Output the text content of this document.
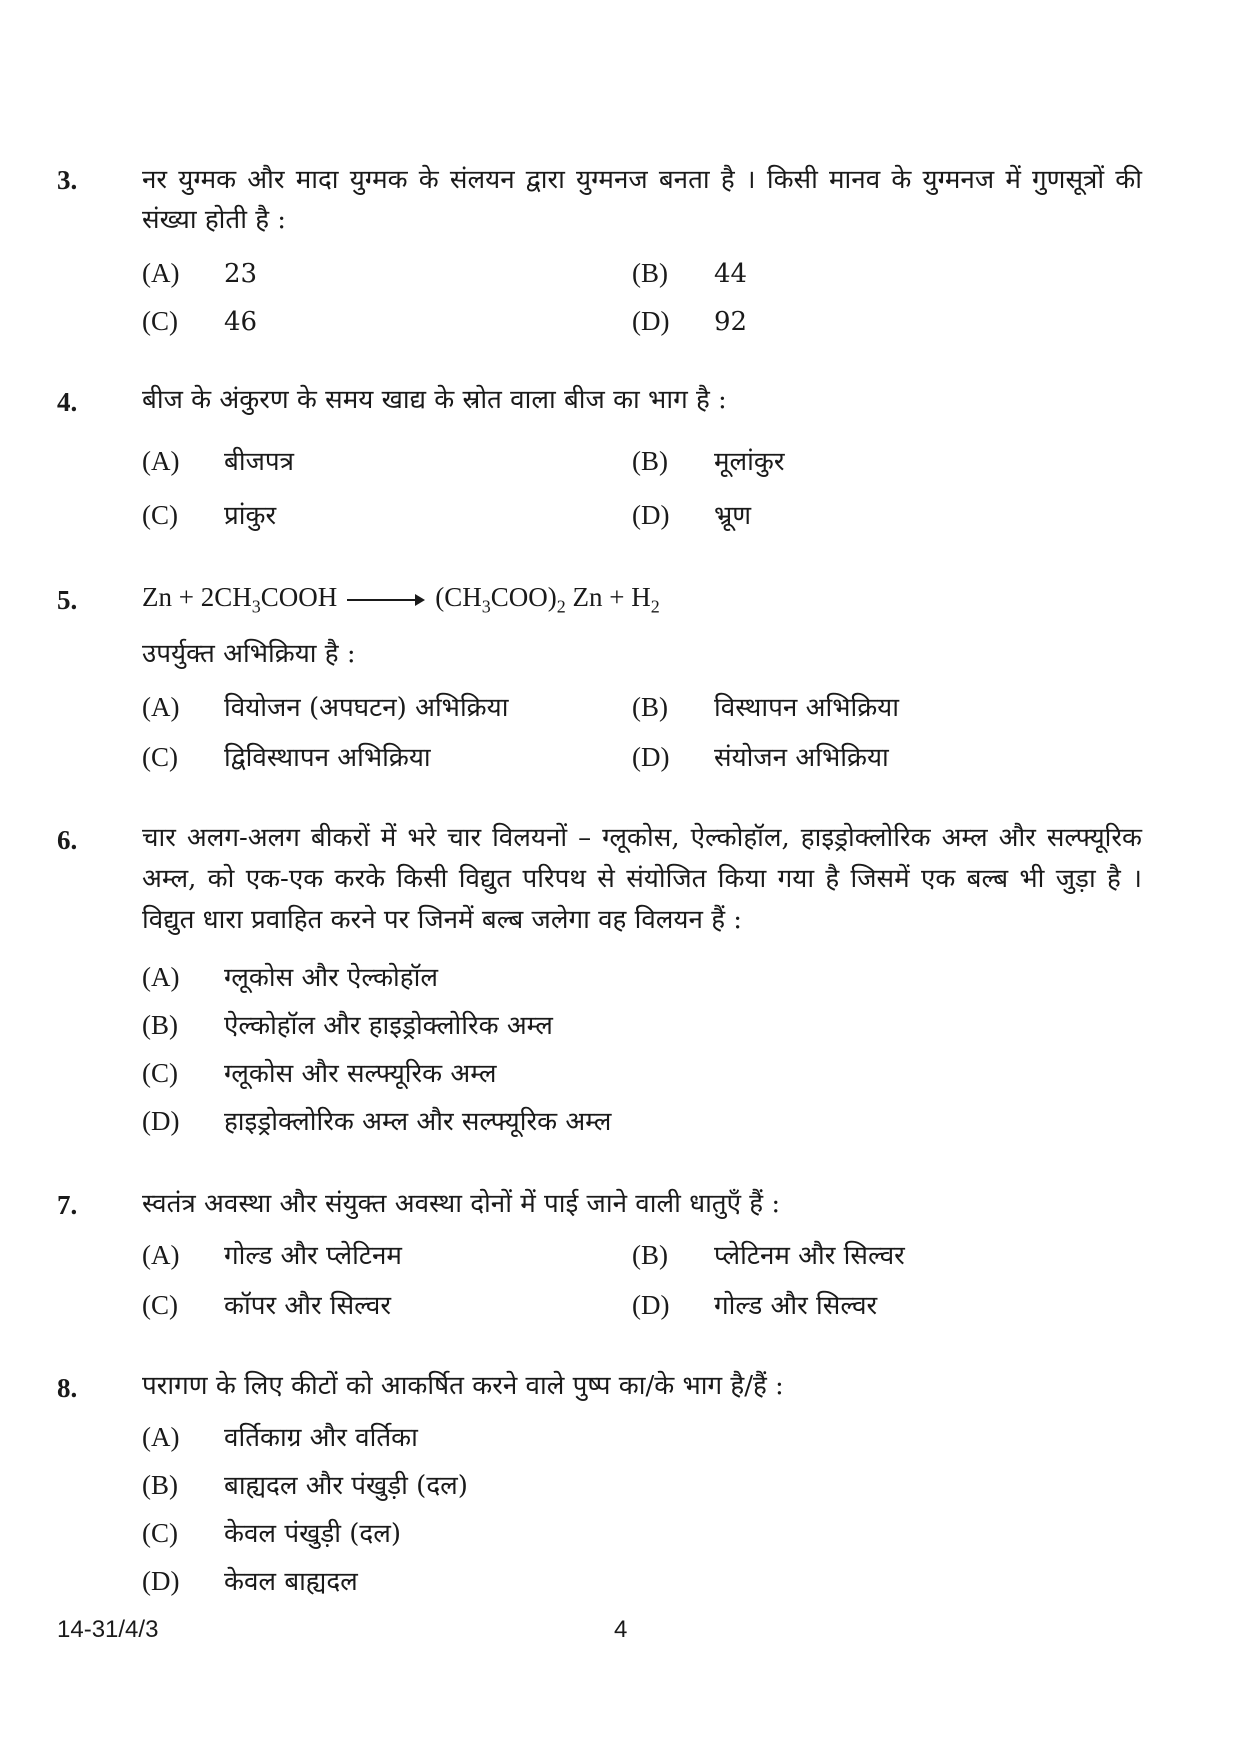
3. नर युग्मक और मादा युग्मक के संलयन द्वारा युग्मनज बनता है । किसी मानव के युग्मनज में गुणसूत्रों की संख्या होती है :
(A) 23	(B) 44
(C) 46	(D) 92
4. बीज के अंकुरण के समय खाद्य के स्रोत वाला बीज का भाग है :
(A) बीजपत्र	(B) मूलांकुर
(C) प्रांकुर	(D) भ्रूण
5. $Zn + 2CH_3COOH$	$(CH_3COO)_2$ $Zn + H_2$
उपर्युक्त अभिक्रिया है :
(A) वियोजन (अपघटन) अभिक्रिया	(B) विस्थापन अभिक्रिया
(C) द्विविस्थापन अभिक्रिया	(D) संयोजन अभिक्रिया
6. चार अलग-अलग बीकरों में भरे चार विलयनों – ग्लूकोस, ऐल्कोहॉल, हाइड्रोक्लोरिक अम्ल और सल्फ्यूरिक अम्ल, को एक-एक करके किसी विद्युत परिपथ से संयोजित किया गया है जिसमें एक बल्ब भी जुड़ा है । विद्युत धारा प्रवाहित करने पर जिनमें बल्ब जलेगा वह विलयन हैं :
(A) ग्लूकोस और ऐल्कोहॉल
(B) ऐल्कोहॉल और हाइड्रोक्लोरिक अम्ल
(C) ग्लूकोस और सल्फ्यूरिक अम्ल
(D) हाइड्रोक्लोरिक अम्ल और सल्फ्यूरिक अम्ल
7. स्वतंत्र अवस्था और संयुक्त अवस्था दोनों में पाई जाने वाली धातुएँ हैं :
(A) गोल्ड और प्लेटिनम	(B) प्लेटिनम और सिल्वर
(C) कॉपर और सिल्वर	(D) गोल्ड और सिल्वर
8. परागण के लिए कीटों को आकर्षित करने वाले पुष्प का/के भाग है/हैं :
(A) वर्तिकाग्र और वर्तिका
(B) बाह्यदल और पंखुड़ी (दल)
(C) केवल पंखुड़ी (दल)
(D) केवल बाह्यदल
14-31/4/3	4
